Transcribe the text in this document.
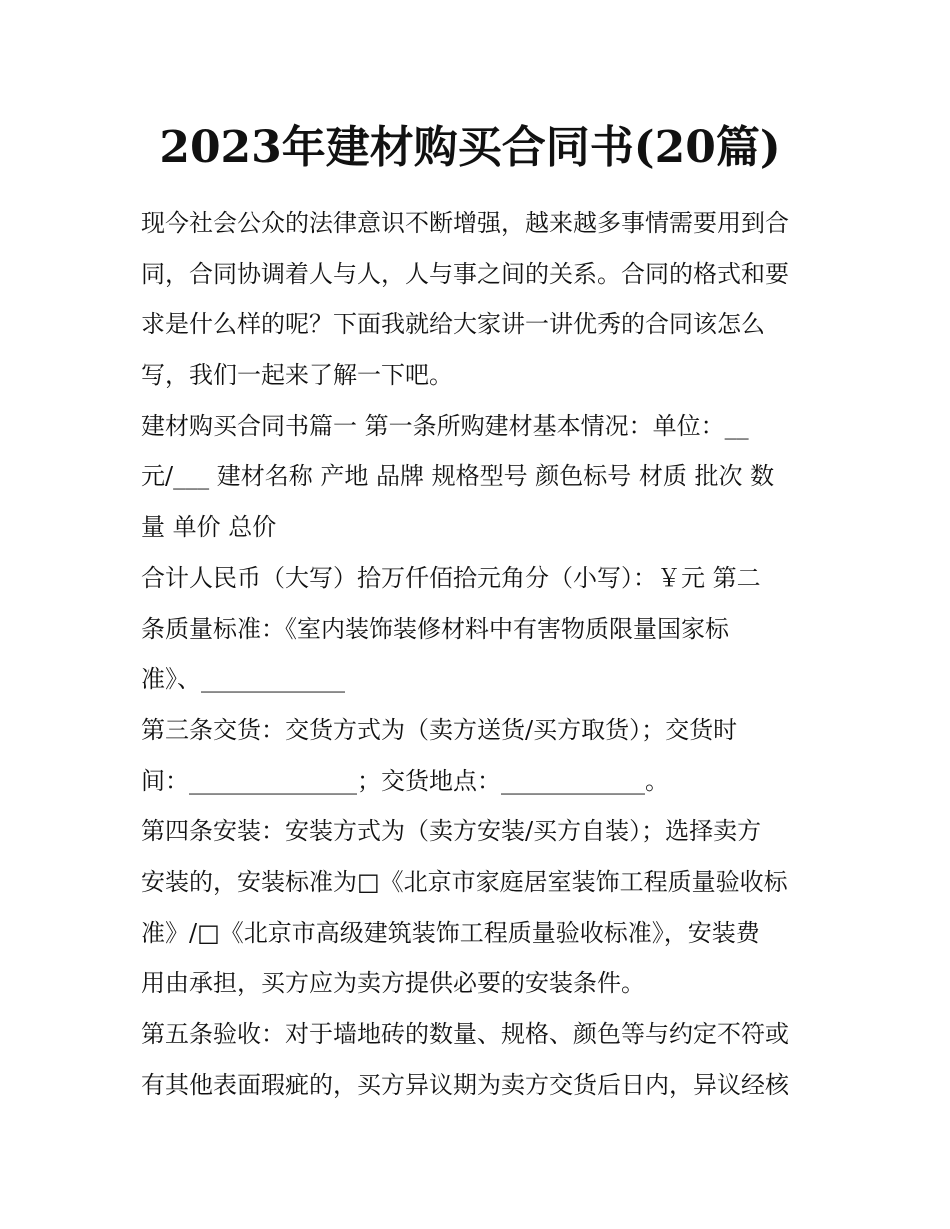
2023年建材购买合同书(20篇)
现今社会公众的法律意识不断增强，越来越多事情需要用到合
同，合同协调着人与人，人与事之间的关系。合同的格式和要
求是什么样的呢？下面我就给大家讲一讲优秀的合同该怎么
写，我们一起来了解一下吧。
建材购买合同书篇一 第一条所购建材基本情况：单位：__
元/___ 建材名称 产地 品牌 规格型号 颜色标号 材质 批次 数
量 单价 总价
合计人民币（大写）拾万仟佰拾元角分（小写）：￥元 第二
条质量标准：《室内装饰装修材料中有害物质限量国家标
准》、____________
第三条交货：交货方式为（卖方送货/买方取货）；交货时
间：______________；交货地点：____________。
第四条安装：安装方式为（卖方安装/买方自装）；选择卖方
安装的，安装标准为□《北京市家庭居室装饰工程质量验收标
准》/□《北京市高级建筑装饰工程质量验收标准》，安装费
用由承担，买方应为卖方提供必要的安装条件。
第五条验收：对于墙地砖的数量、规格、颜色等与约定不符或
有其他表面瑕疵的，买方异议期为卖方交货后日内，异议经核
